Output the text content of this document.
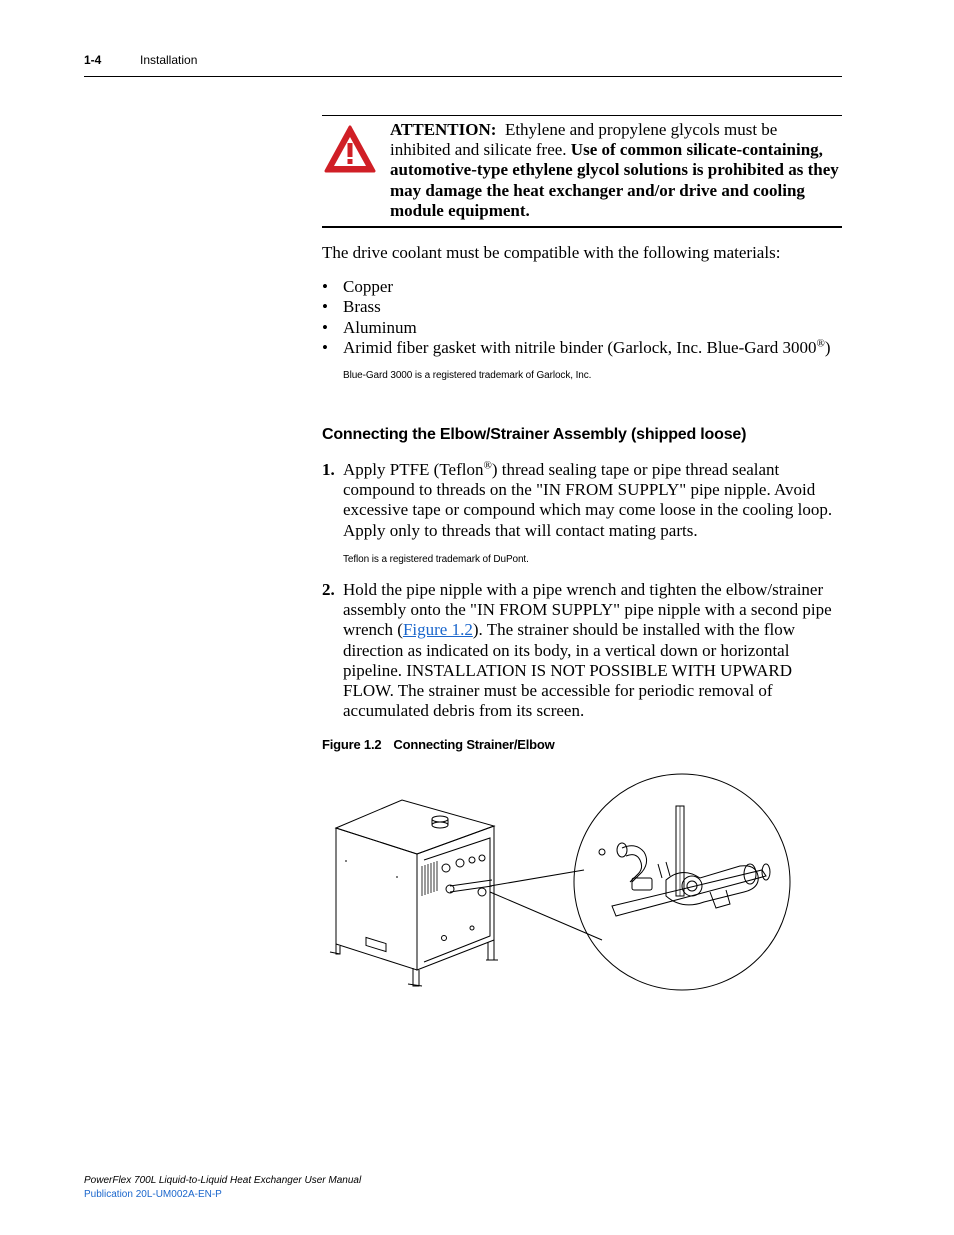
1-4	Installation
ATTENTION: Ethylene and propylene glycols must be inhibited and silicate free. Use of common silicate-containing, automotive-type ethylene glycol solutions is prohibited as they may damage the heat exchanger and/or drive and cooling module equipment.
The drive coolant must be compatible with the following materials:
• Copper
• Brass
• Aluminum
• Arimid fiber gasket with nitrile binder (Garlock, Inc. Blue-Gard 3000®)
Blue-Gard 3000 is a registered trademark of Garlock, Inc.
Connecting the Elbow/Strainer Assembly (shipped loose)
1. Apply PTFE (Teflon®) thread sealing tape or pipe thread sealant compound to threads on the "IN FROM SUPPLY" pipe nipple. Avoid excessive tape or compound which may come loose in the cooling loop. Apply only to threads that will contact mating parts.
Teflon is a registered trademark of DuPont.
2. Hold the pipe nipple with a pipe wrench and tighten the elbow/strainer assembly onto the "IN FROM SUPPLY" pipe nipple with a second pipe wrench (Figure 1.2). The strainer should be installed with the flow direction as indicated on its body, in a vertical down or horizontal pipeline. INSTALLATION IS NOT POSSIBLE WITH UPWARD FLOW. The strainer must be accessible for periodic removal of accumulated debris from its screen.
Figure 1.2 Connecting Strainer/Elbow
PowerFlex 700L Liquid-to-Liquid Heat Exchanger User Manual
Publication 20L-UM002A-EN-P
